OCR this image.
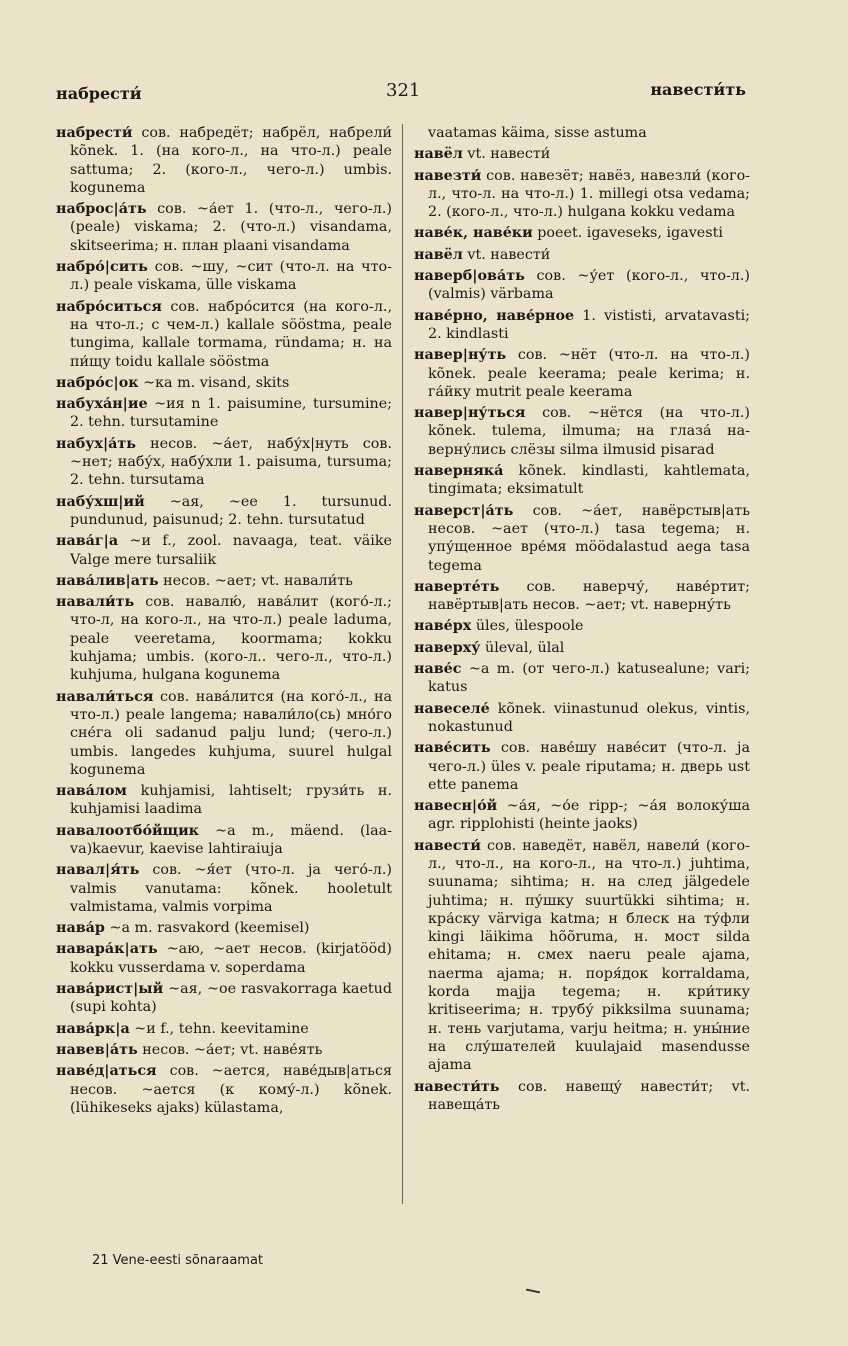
набрести́	321	навести́ть

набрести́ сов. набредёт; набрёл, набрели́ kõnek. 1. (на кого-л., на что-л.) peale sattuma; 2. (кого-л., чего-л.) umbis. kogunema

наброс|а́ть сов. ~а́ет 1. (что-л., чего-л.) (peale) viskama; 2. (что-л.) visandama, skitseerima; н. план plaani visandama

набро́|сить сов. ~шу, ~сит (что-л. на что-л.) peale viskama, ülle viskama

набро́ситься сов. набро́сится (на кого-л., на что-л.; с чем-л.) kallale sööstma, peale tungima, kallale tormama, ründama; н. на пи́щу toidu kallale sööstma

набро́с|ок ~ка m. visand, skits

набуха́н|ие ~ия n 1. paisumine, tursumine; 2. tehn. tursutamine

набух|а́ть несов. ~а́ет, набу́х|нуть сов. ~нет; набу́х, набу́хли 1. paisuma, tursuma; 2. tehn. tursutama

набу́хш|ий ~ая, ~ее 1. tursunud. pundunud, paisunud; 2. tehn. tursutatud

нава́г|а ~и f., zool. navaaga, teat. väike Valge mere tursaliik

нава́лив|ать несов. ~ает; vt. навали́ть

навали́ть сов. навалю́, нава́лит (кого́-л.; что-л, на кого-л., на что-л.) peale laduma, peale veeretama, koormama; kokku kuhjama; umbis. (кого-л.. чего-л., что-л.) kuhjuma, hulgana kogunema

навали́ться сов. нава́лится (на кого́-л., на что-л.) peale langema; навали́ло(сь) мно́го сне́га oli sadanud palju lund; (чего-л.) umbis. langedes kuhjuma, suurel hulgal kogunema

нава́лом kuhjamisi, lahtiselt; грузи́ть н. kuhjamisi laadima

навалоотбо́йщик ~а m., mäend. (laava)kaevur, kaevise lahtiraiuja

навал|я́ть сов. ~я́ет (что-л. ja чего́-л.) valmis vanutama: kõnek. hooletult valmistama, valmis vorpima

нава́р ~а m. rasvakord (keemisel)

навара́к|ать ~аю, ~ает несов. (kirjatööd) kokku vusserdama v. soperdama

нава́рист|ый ~ая, ~ое rasvakorraga kaetud (supi kohta)

нава́рк|а ~и f., tehn. keevitamine

навев|а́ть несов. ~а́ет; vt. наве́ять

наве́д|аться сов. ~ается, наве́дыв|аться несов. ~ается (к кому́-л.) kõnek. (lühikeseks ajaks) külastama,

vaatamas käima, sisse astuma

навёл vt. навести́

навезти́ сов. навезёт; навёз, навезли́ (кого-л., что-л. на что-л.) 1. millegi otsa vedama; 2. (кого-л., что-л.) hulgana kokku vedama

наве́к, наве́ки poeet. igaveseks, igavesti

навёл vt. навести́

наверб|ова́ть сов. ~у́ет (кого-л., что-л.) (valmis) värbama

наве́рно, наве́рное 1. vististi, arvatavasti; 2. kindlasti

навер|ну́ть сов. ~нёт (что-л. на что-л.) kõnek. peale keerama; peale kerima; н. га́йку mutrit peale keerama

навер|ну́ться сов. ~нётся (на что-л.) kõnek. tulema, ilmuma; на глаза́ наверну́лись слёзы silma ilmusid pisarad

наверняка́ kõnek. kindlasti, kahtlemata, tingimata; eksimatult

наверст|а́ть сов. ~а́ет, навёрстыв|ать несов. ~ает (что-л.) tasa tegema; н. упу́щенное вре́мя möödalastud aega tasa tegema

навертéть сов. наверчу́, наве́ртит; навёртыв|ать несов. ~ает; vt. наверну́ть

наве́рх üles, ülespoole

наверху́ üleval, ülal

наве́с ~а m. (от чего-л.) katusealune; vari; katus

навеселе́ kõnek. viinastunud olekus, vintis, nokastunud

наве́сить сов. наве́шу наве́сит (что-л. ja чего-л.) üles v. peale riputama; н. дверь ust ette panema

навесн|о́й ~а́я, ~о́е ripp-; ~а́я волоку́ша agr. ripplohisti (heinte jaoks)

навести́ сов. наведёт, навёл, навели́ (кого-л., что-л., на кого-л., на что-л.) juhtima, suunama; sihtima; н. на след jälgedele juhtima; н. пу́шку suurtükki sihtima; н. кра́ску värviga katma; н блеск на ту́фли kingi läikima hõõruma, н. мост silda ehitama; н. смех naeru peale ajama, naerma ajama; н. поря́док korraldama, korda majja tegema; н. кри́тику kritiseerima; н. трубу́ pikksilma suunama; н. тень varjutama, varju heitma; н. уны́ние на слу́шателей kuulajaid masendusse ajama

навести́ть сов. навещу́ навести́т; vt. навеща́ть

21 Vene-eesti sõnaraamat
